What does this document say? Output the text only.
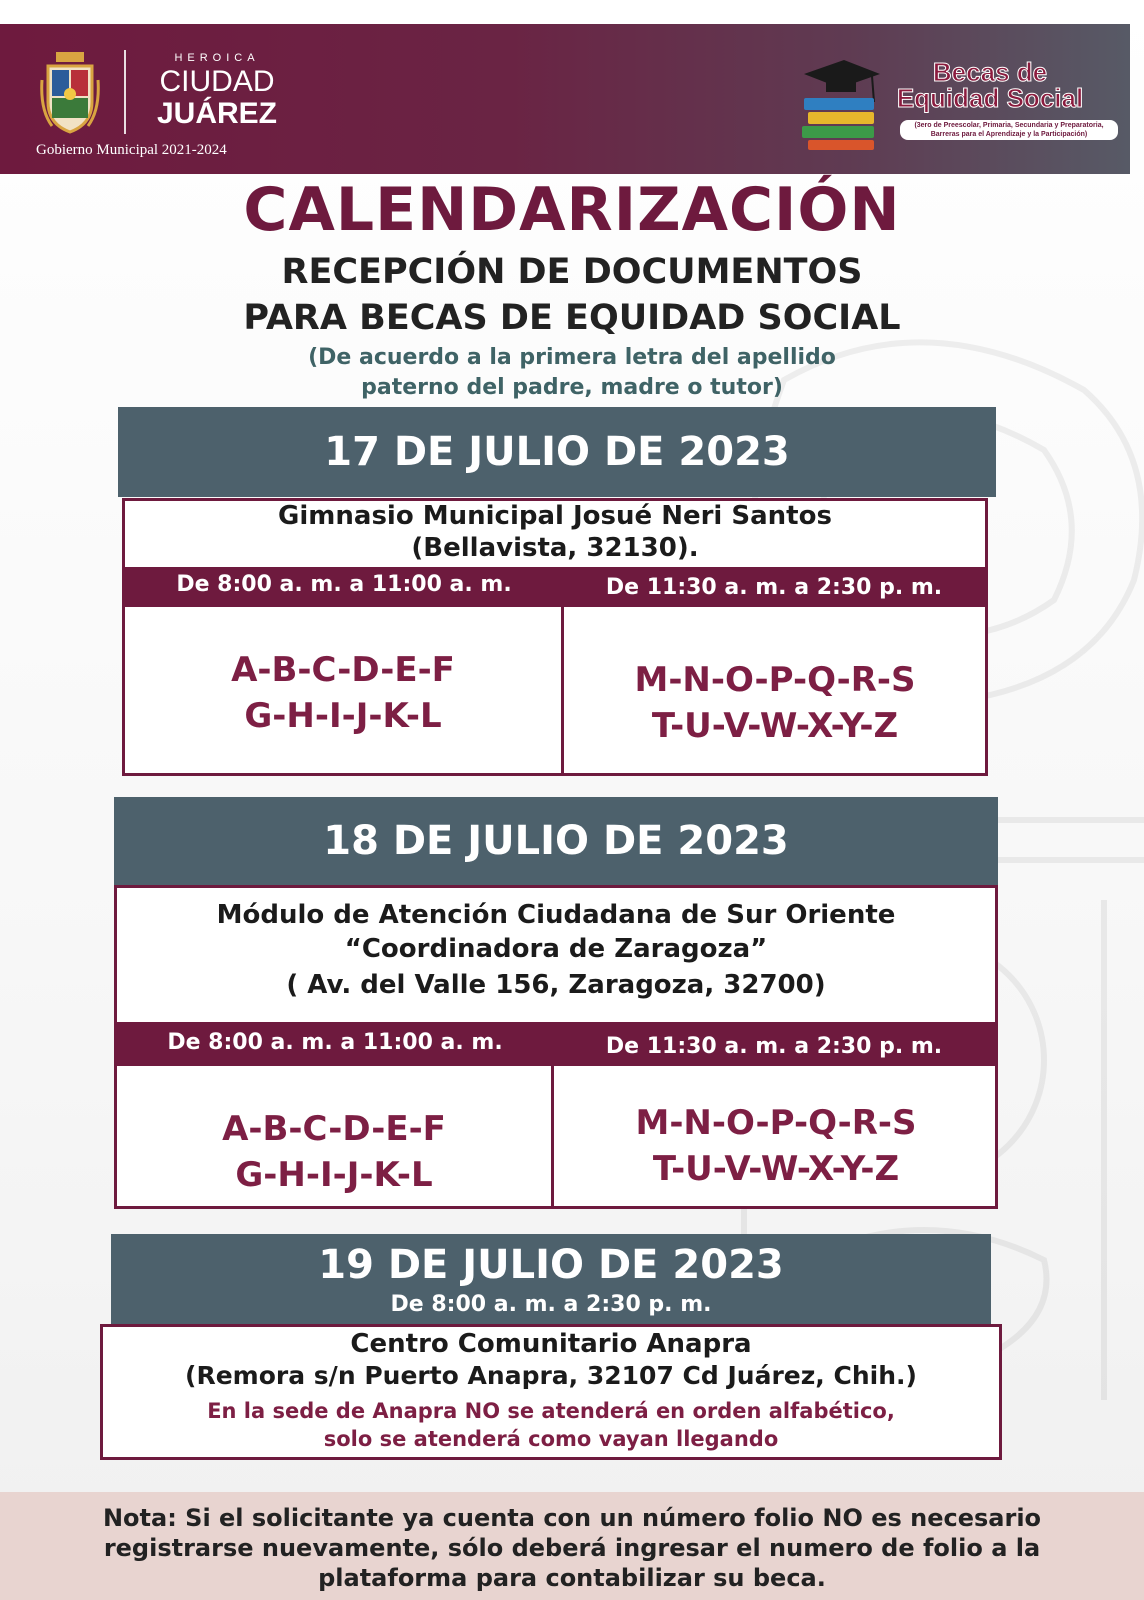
HEROICA
CIUDAD
JUÁREZ
Gobierno Municipal 2021-2024
Becas de
Equidad Social
(3ero de Preescolar, Primaria, Secundaria y Preparatoria, Barreras para el Aprendizaje y la Participación)
CALENDARIZACIÓN
RECEPCIÓN DE DOCUMENTOS
PARA BECAS DE EQUIDAD SOCIAL
(De acuerdo a la primera letra del apellido
paterno del padre, madre o tutor)
17 DE JULIO DE 2023
Gimnasio Municipal Josué Neri Santos
(Bellavista, 32130).
De 8:00 a. m. a 11:00 a. m.	De 11:30 a. m. a 2:30 p. m.
A-B-C-D-E-F
G-H-I-J-K-L
M-N-O-P-Q-R-S
T-U-V-W-X-Y-Z
18 DE JULIO DE 2023
Módulo de Atención Ciudadana de Sur Oriente
“Coordinadora de Zaragoza”
( Av. del Valle 156, Zaragoza, 32700)
De 8:00 a. m. a 11:00 a. m.	De 11:30 a. m. a 2:30 p. m.
A-B-C-D-E-F
G-H-I-J-K-L
M-N-O-P-Q-R-S
T-U-V-W-X-Y-Z
19 DE JULIO DE 2023
De 8:00 a. m. a 2:30 p. m.
Centro Comunitario Anapra
(Remora s/n Puerto Anapra, 32107 Cd Juárez, Chih.)
En la sede de Anapra NO se atenderá en orden alfabético,
solo se atenderá como vayan llegando
Nota: Si el solicitante ya cuenta con un número folio NO es necesario
registrarse nuevamente, sólo deberá ingresar el numero de folio a la
plataforma para contabilizar su beca.
